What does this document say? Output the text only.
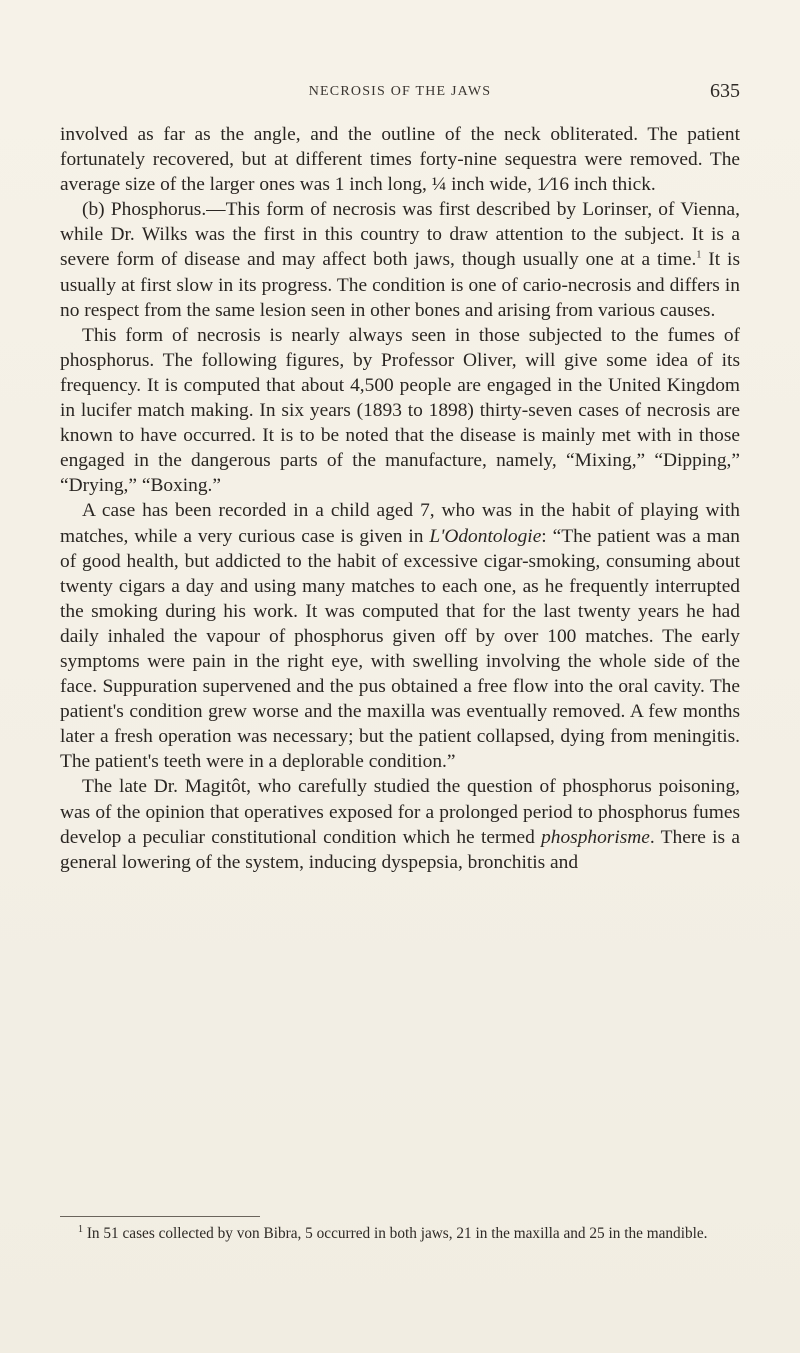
NECROSIS OF THE JAWS	635

involved as far as the angle, and the outline of the neck obliterated. The patient fortunately recovered, but at different times forty-nine sequestra were removed. The average size of the larger ones was 1 inch long, ¼ inch wide, 1⁄16 inch thick.

(b) Phosphorus.—This form of necrosis was first described by Lorinser, of Vienna, while Dr. Wilks was the first in this country to draw attention to the subject. It is a severe form of disease and may affect both jaws, though usually one at a time.$^1$ It is usually at first slow in its progress. The condition is one of cario-necrosis and differs in no respect from the same lesion seen in other bones and arising from various causes.

This form of necrosis is nearly always seen in those subjected to the fumes of phosphorus. The following figures, by Professor Oliver, will give some idea of its frequency. It is computed that about 4,500 people are engaged in the United Kingdom in lucifer match making. In six years (1893 to 1898) thirty-seven cases of necrosis are known to have occurred. It is to be noted that the disease is mainly met with in those engaged in the dangerous parts of the manufacture, namely, “Mixing,” “Dipping,” “Drying,” “Boxing.”

A case has been recorded in a child aged 7, who was in the habit of playing with matches, while a very curious case is given in L'Odontologie: “The patient was a man of good health, but addicted to the habit of excessive cigar-smoking, consuming about twenty cigars a day and using many matches to each one, as he frequently interrupted the smoking during his work. It was computed that for the last twenty years he had daily inhaled the vapour of phosphorus given off by over 100 matches. The early symptoms were pain in the right eye, with swelling involving the whole side of the face. Suppuration supervened and the pus obtained a free flow into the oral cavity. The patient's condition grew worse and the maxilla was eventually removed. A few months later a fresh operation was necessary; but the patient collapsed, dying from meningitis. The patient's teeth were in a deplorable condition.”

The late Dr. Magitôt, who carefully studied the question of phosphorus poisoning, was of the opinion that operatives exposed for a prolonged period to phosphorus fumes develop a peculiar constitutional condition which he termed phosphorisme. There is a general lowering of the system, inducing dyspepsia, bronchitis and

$^1$ In 51 cases collected by von Bibra, 5 occurred in both jaws, 21 in the maxilla and 25 in the mandible.
